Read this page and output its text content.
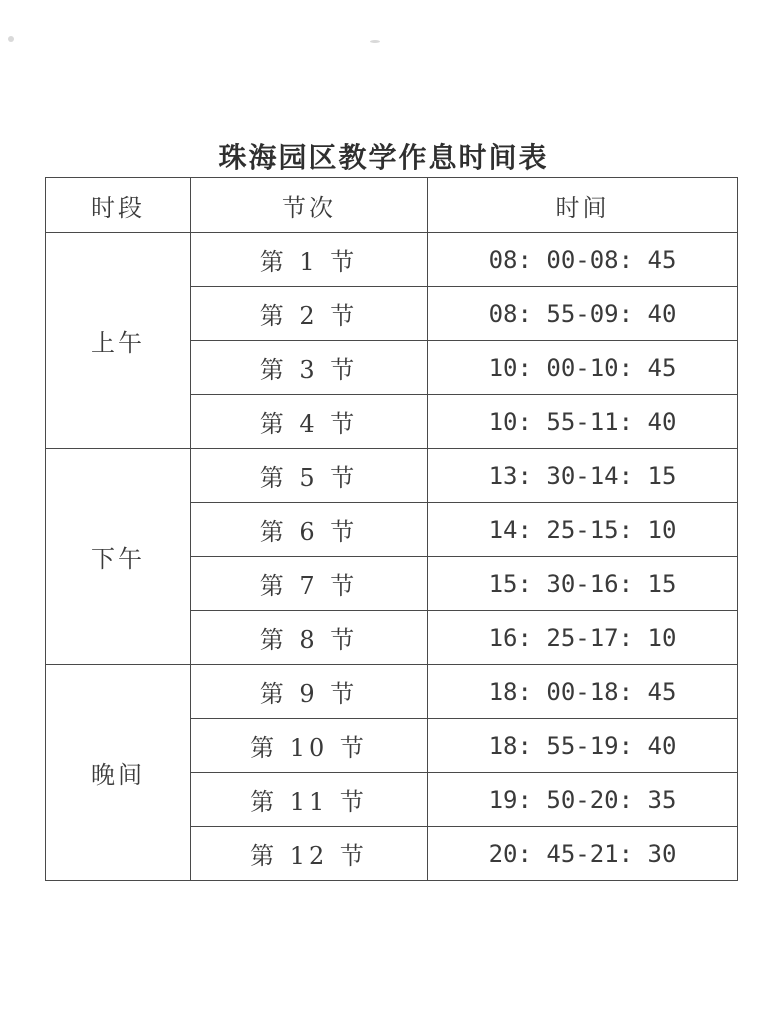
珠海园区教学作息时间表
时段	节次	时间
上午	第 1 节	08: 00-08: 45
	第 2 节	08: 55-09: 40
	第 3 节	10: 00-10: 45
	第 4 节	10: 55-11: 40
下午	第 5 节	13: 30-14: 15
	第 6 节	14: 25-15: 10
	第 7 节	15: 30-16: 15
	第 8 节	16: 25-17: 10
晚间	第 9 节	18: 00-18: 45
	第 10 节	18: 55-19: 40
	第 11 节	19: 50-20: 35
	第 12 节	20: 45-21: 30
